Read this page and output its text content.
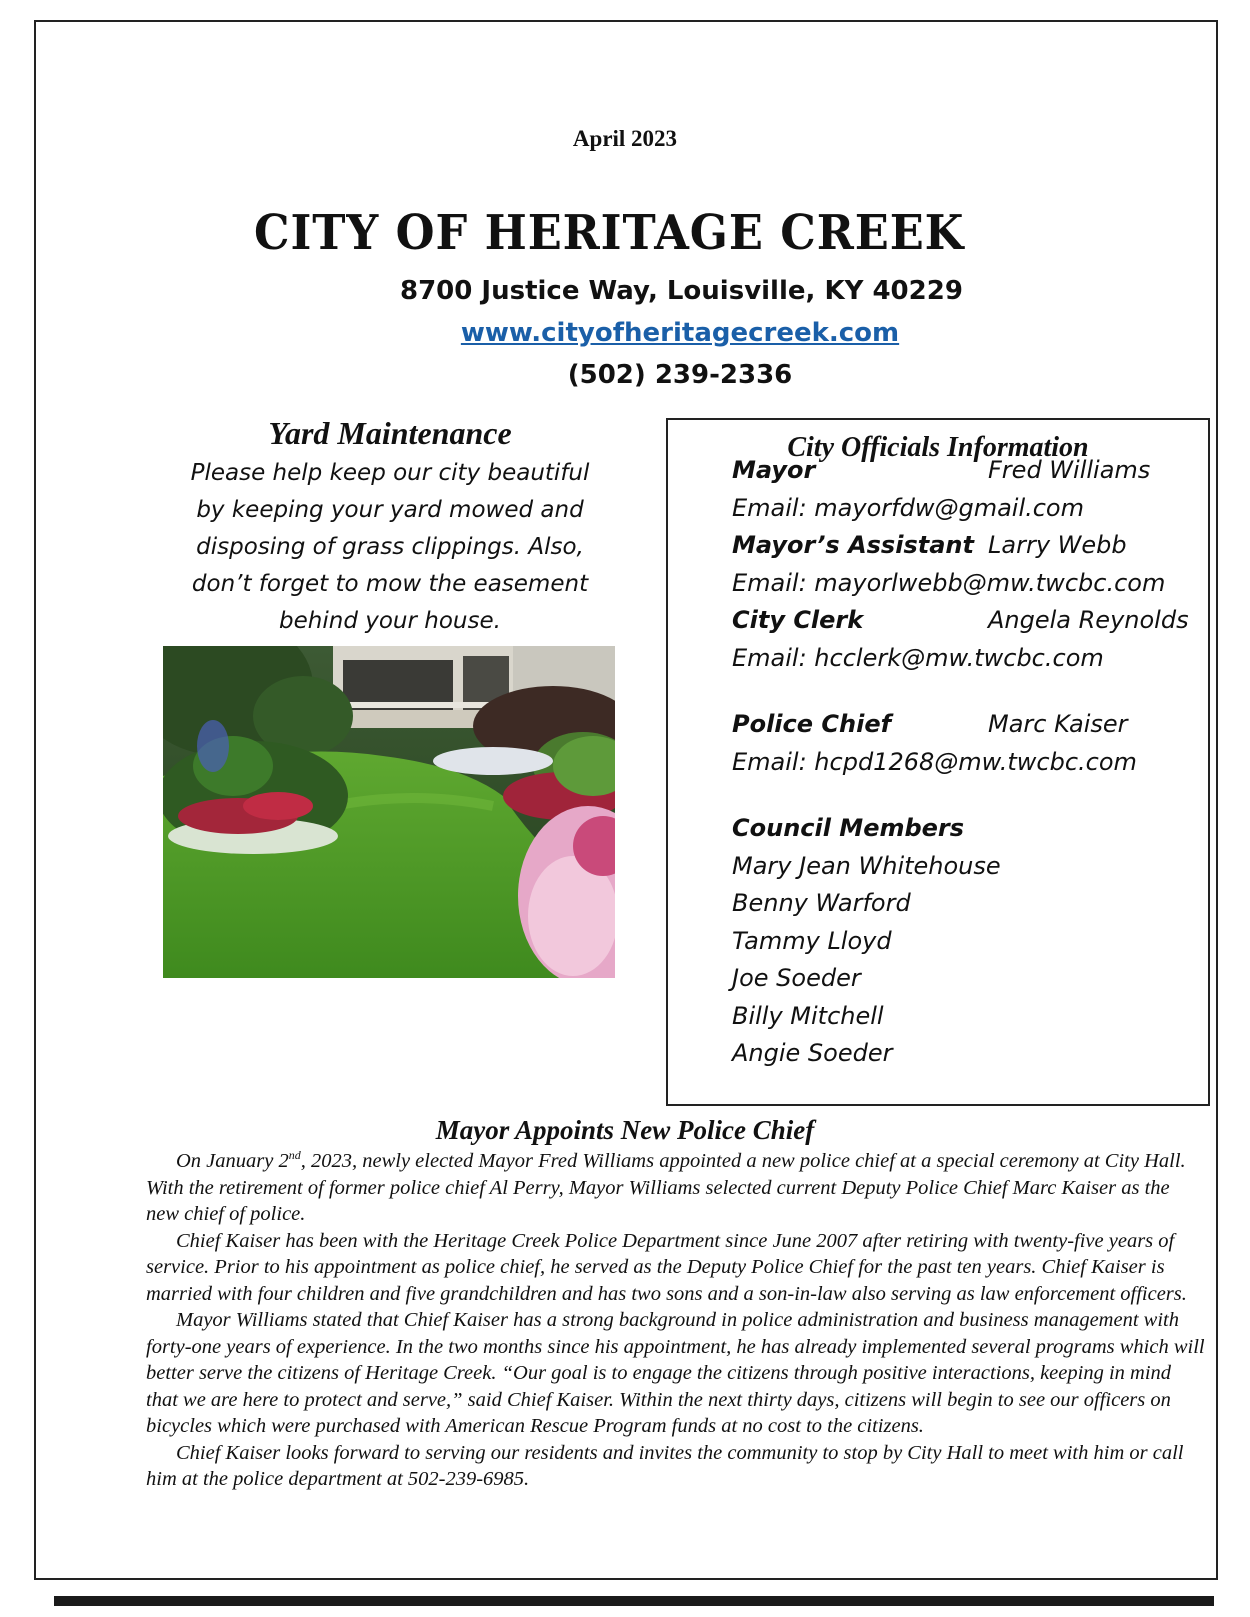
April 2023
CITY OF HERITAGE CREEK
8700 Justice Way, Louisville, KY 40229
www.cityofheritagecreek.com
(502) 239-2336
Yard Maintenance
Please help keep our city beautiful
by keeping your yard mowed and
disposing of grass clippings. Also,
don’t forget to mow the easement
behind your house.
City Officials Information
Mayor	Fred Williams
Email: mayorfdw@gmail.com
Mayor’s Assistant Larry Webb
Email: mayorlwebb@mw.twcbc.com
City Clerk	Angela Reynolds
Email: hcclerk@mw.twcbc.com
Police Chief	Marc Kaiser
Email: hcpd1268@mw.twcbc.com
Council Members
Mary Jean Whitehouse
Benny Warford
Tammy Lloyd
Joe Soeder
Billy Mitchell
Angie Soeder
Mayor Appoints New Police Chief

On January 2nd, 2023, newly elected Mayor Fred Williams appointed a new police chief at a special ceremony at City Hall. With the retirement of former police chief Al Perry, Mayor Williams selected current Deputy Police Chief Marc Kaiser as the new chief of police.

Chief Kaiser has been with the Heritage Creek Police Department since June 2007 after retiring with twenty-five years of service. Prior to his appointment as police chief, he served as the Deputy Police Chief for the past ten years. Chief Kaiser is married with four children and five grandchildren and has two sons and a son-in-law also serving as law enforcement officers.

Mayor Williams stated that Chief Kaiser has a strong background in police administration and business management with forty-one years of experience. In the two months since his appointment, he has already implemented several programs which will better serve the citizens of Heritage Creek. “Our goal is to engage the citizens through positive interactions, keeping in mind that we are here to protect and serve,” said Chief Kaiser. Within the next thirty days, citizens will begin to see our officers on bicycles which were purchased with American Rescue Program funds at no cost to the citizens.

Chief Kaiser looks forward to serving our residents and invites the community to stop by City Hall to meet with him or call him at the police department at 502-239-6985.
